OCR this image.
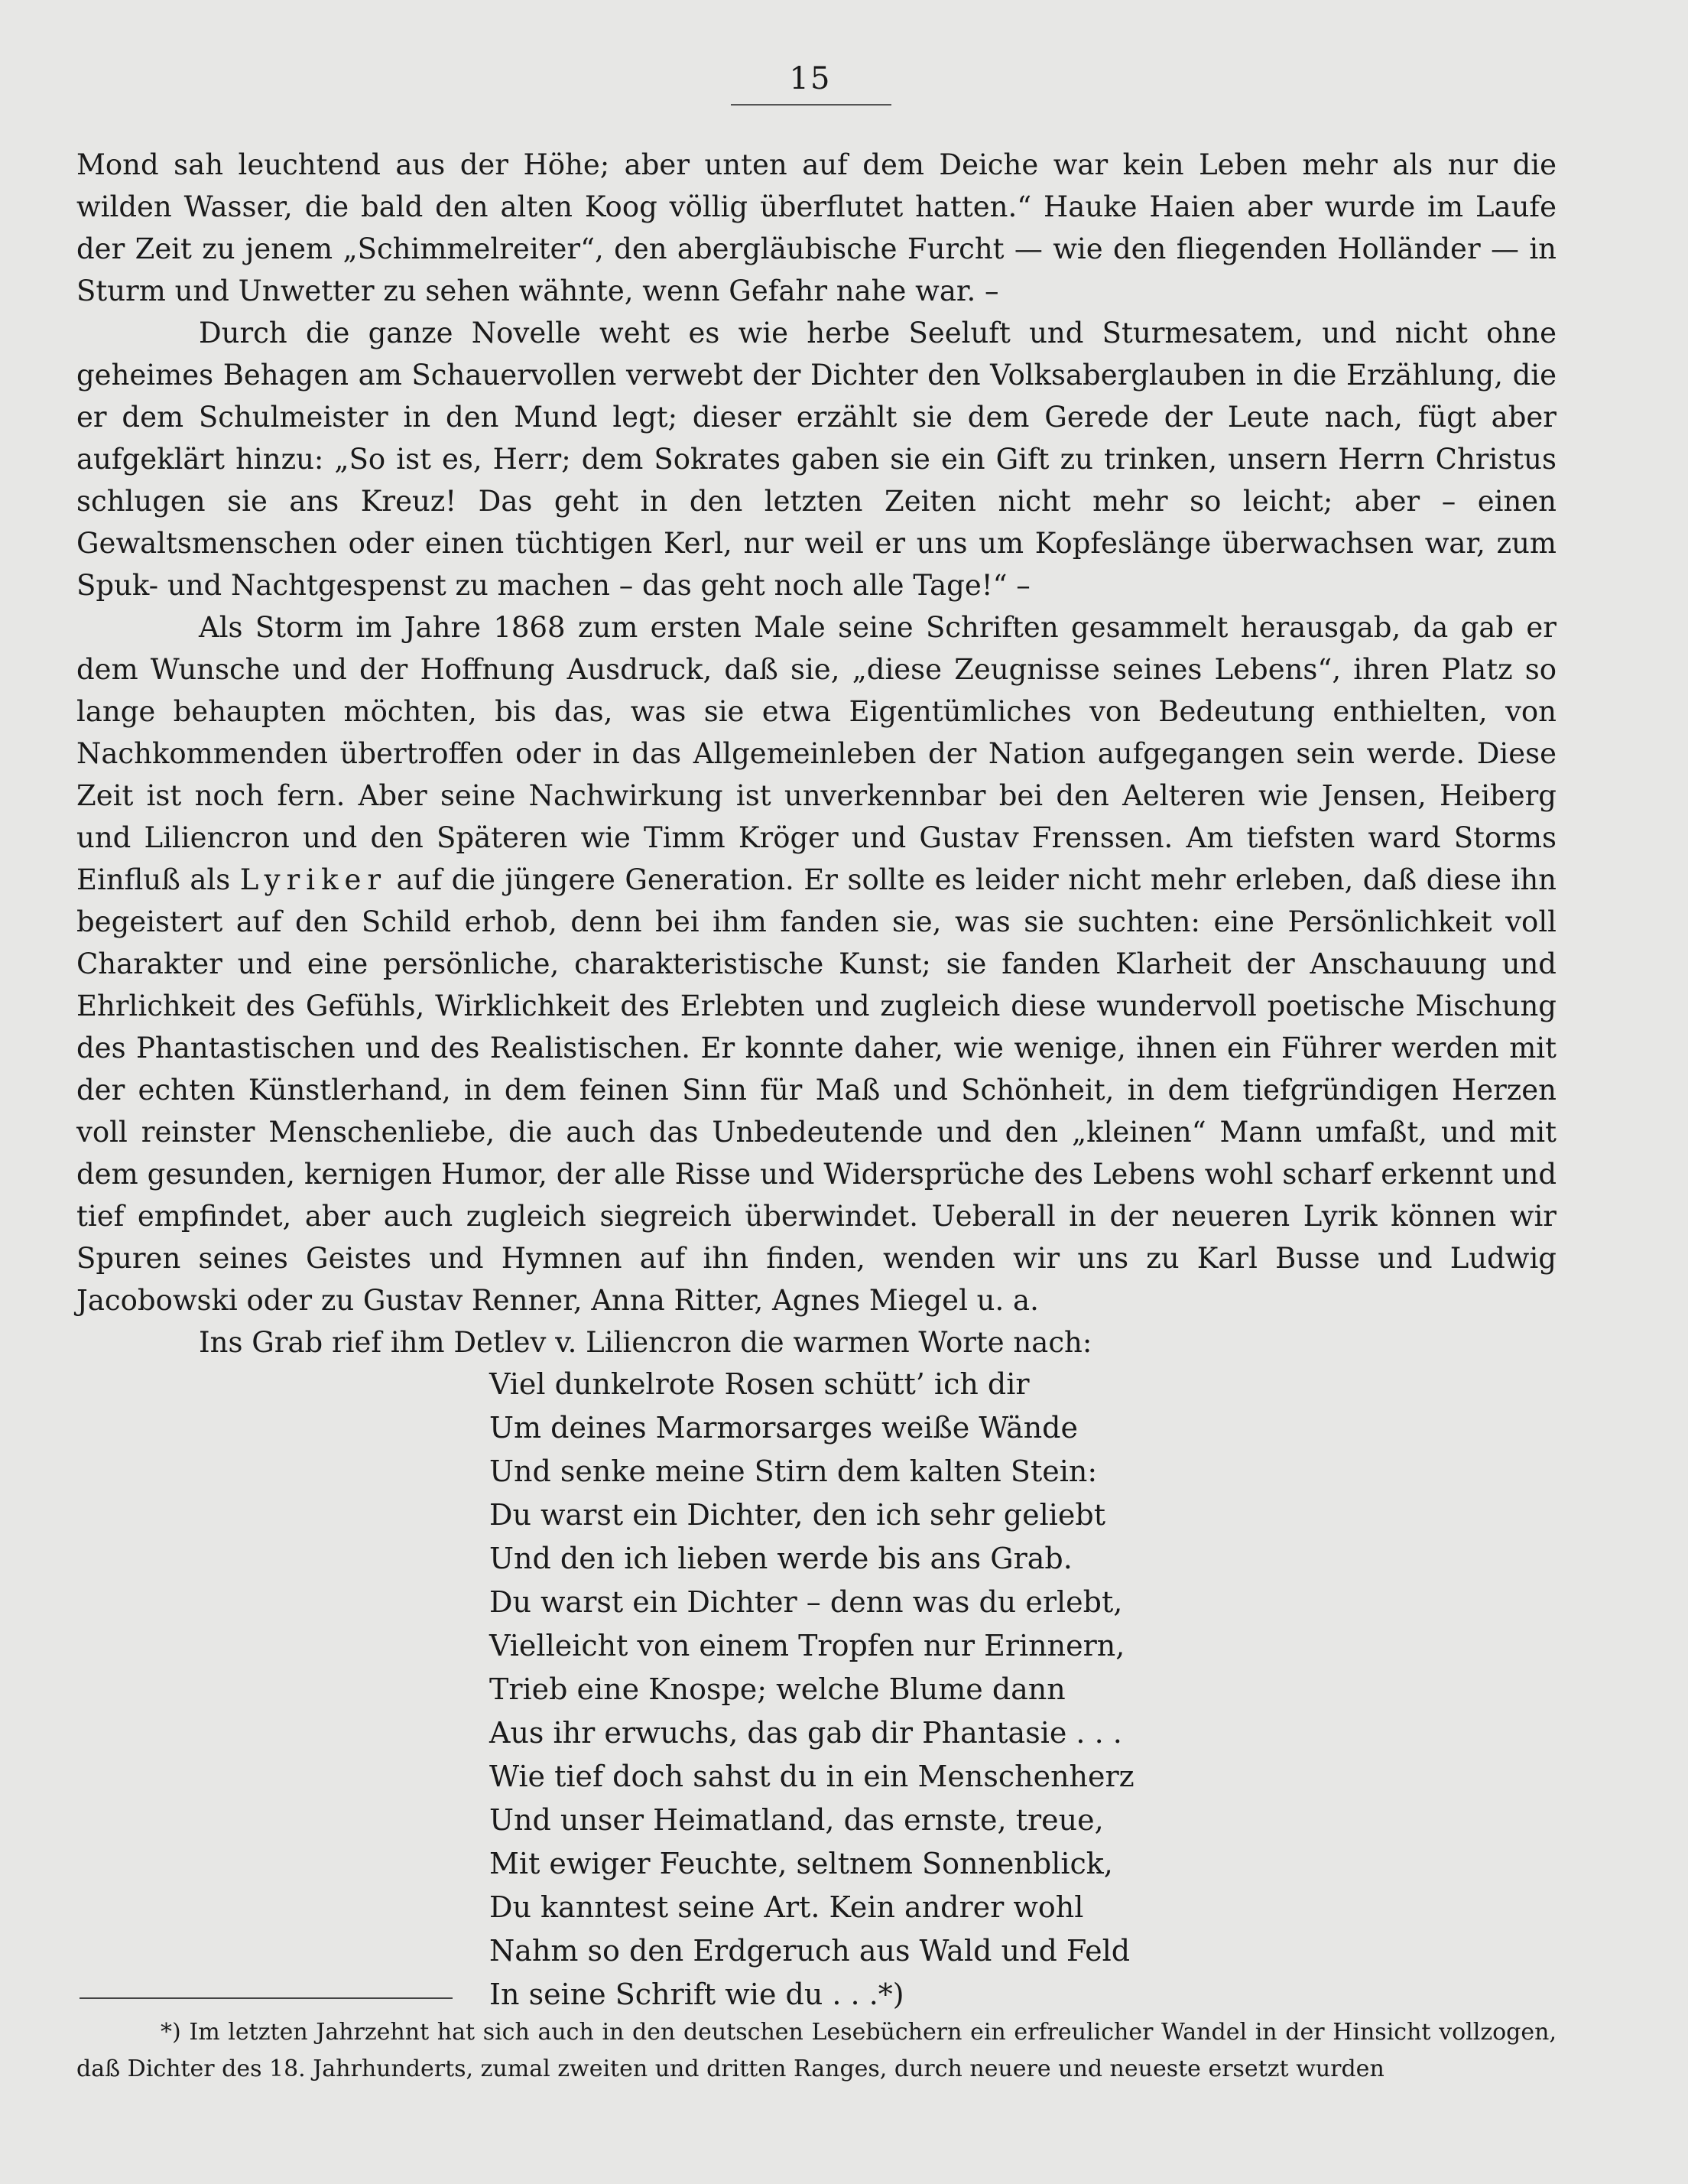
15

Mond sah leuchtend aus der Höhe; aber unten auf dem Deiche war kein Leben mehr als nur die wilden Wasser, die bald den alten Koog völlig überflutet hatten.“ Hauke Haien aber wurde im Laufe der Zeit zu jenem „Schimmelreiter“, den abergläubische Furcht — wie den fliegenden Holländer — in Sturm und Unwetter zu sehen wähnte, wenn Gefahr nahe war. –

Durch die ganze Novelle weht es wie herbe Seeluft und Sturmesatem, und nicht ohne geheimes Behagen am Schauervollen verwebt der Dichter den Volksaberglauben in die Erzählung, die er dem Schulmeister in den Mund legt; dieser erzählt sie dem Gerede der Leute nach, fügt aber aufgeklärt hinzu: „So ist es, Herr; dem Sokrates gaben sie ein Gift zu trinken, unsern Herrn Christus schlugen sie ans Kreuz! Das geht in den letzten Zeiten nicht mehr so leicht; aber – einen Gewaltsmenschen oder einen tüchtigen Kerl, nur weil er uns um Kopfeslänge überwachsen war, zum Spuk- und Nachtgespenst zu machen – das geht noch alle Tage!“ –

Als Storm im Jahre 1868 zum ersten Male seine Schriften gesammelt herausgab, da gab er dem Wunsche und der Hoffnung Ausdruck, daß sie, „diese Zeugnisse seines Lebens“, ihren Platz so lange behaupten möchten, bis das, was sie etwa Eigentümliches von Bedeutung enthielten, von Nachkommenden übertroffen oder in das Allgemeinleben der Nation aufgegangen sein werde. Diese Zeit ist noch fern. Aber seine Nachwirkung ist unverkennbar bei den Aelteren wie Jensen, Heiberg und Liliencron und den Späteren wie Timm Kröger und Gustav Frenssen. Am tiefsten ward Storms Einfluß als Lyriker auf die jüngere Generation. Er sollte es leider nicht mehr erleben, daß diese ihn begeistert auf den Schild erhob, denn bei ihm fanden sie, was sie suchten: eine Persönlichkeit voll Charakter und eine persönliche, charakteristische Kunst; sie fanden Klarheit der Anschauung und Ehrlichkeit des Gefühls, Wirklichkeit des Erlebten und zugleich diese wundervoll poetische Mischung des Phantastischen und des Realistischen. Er konnte daher, wie wenige, ihnen ein Führer werden mit der echten Künstlerhand, in dem feinen Sinn für Maß und Schönheit, in dem tiefgründigen Herzen voll reinster Menschenliebe, die auch das Unbedeutende und den „kleinen“ Mann umfaßt, und mit dem gesunden, kernigen Humor, der alle Risse und Widersprüche des Lebens wohl scharf erkennt und tief empfindet, aber auch zugleich siegreich überwindet. Ueberall in der neueren Lyrik können wir Spuren seines Geistes und Hymnen auf ihn finden, wenden wir uns zu Karl Busse und Ludwig Jacobowski oder zu Gustav Renner, Anna Ritter, Agnes Miegel u. a.

Ins Grab rief ihm Detlev v. Liliencron die warmen Worte nach:

Viel dunkelrote Rosen schütt’ ich dir
Um deines Marmorsarges weiße Wände
Und senke meine Stirn dem kalten Stein:
Du warst ein Dichter, den ich sehr geliebt
Und den ich lieben werde bis ans Grab.
Du warst ein Dichter – denn was du erlebt,
Vielleicht von einem Tropfen nur Erinnern,
Trieb eine Knospe; welche Blume dann
Aus ihr erwuchs, das gab dir Phantasie . . .
Wie tief doch sahst du in ein Menschenherz
Und unser Heimatland, das ernste, treue,
Mit ewiger Feuchte, seltnem Sonnenblick,
Du kanntest seine Art. Kein andrer wohl
Nahm so den Erdgeruch aus Wald und Feld
In seine Schrift wie du . . .*)
*) Im letzten Jahrzehnt hat sich auch in den deutschen Lesebüchern ein erfreulicher Wandel in der Hinsicht vollzogen, daß Dichter des 18. Jahrhunderts, zumal zweiten und dritten Ranges, durch neuere und neueste ersetzt wurden
